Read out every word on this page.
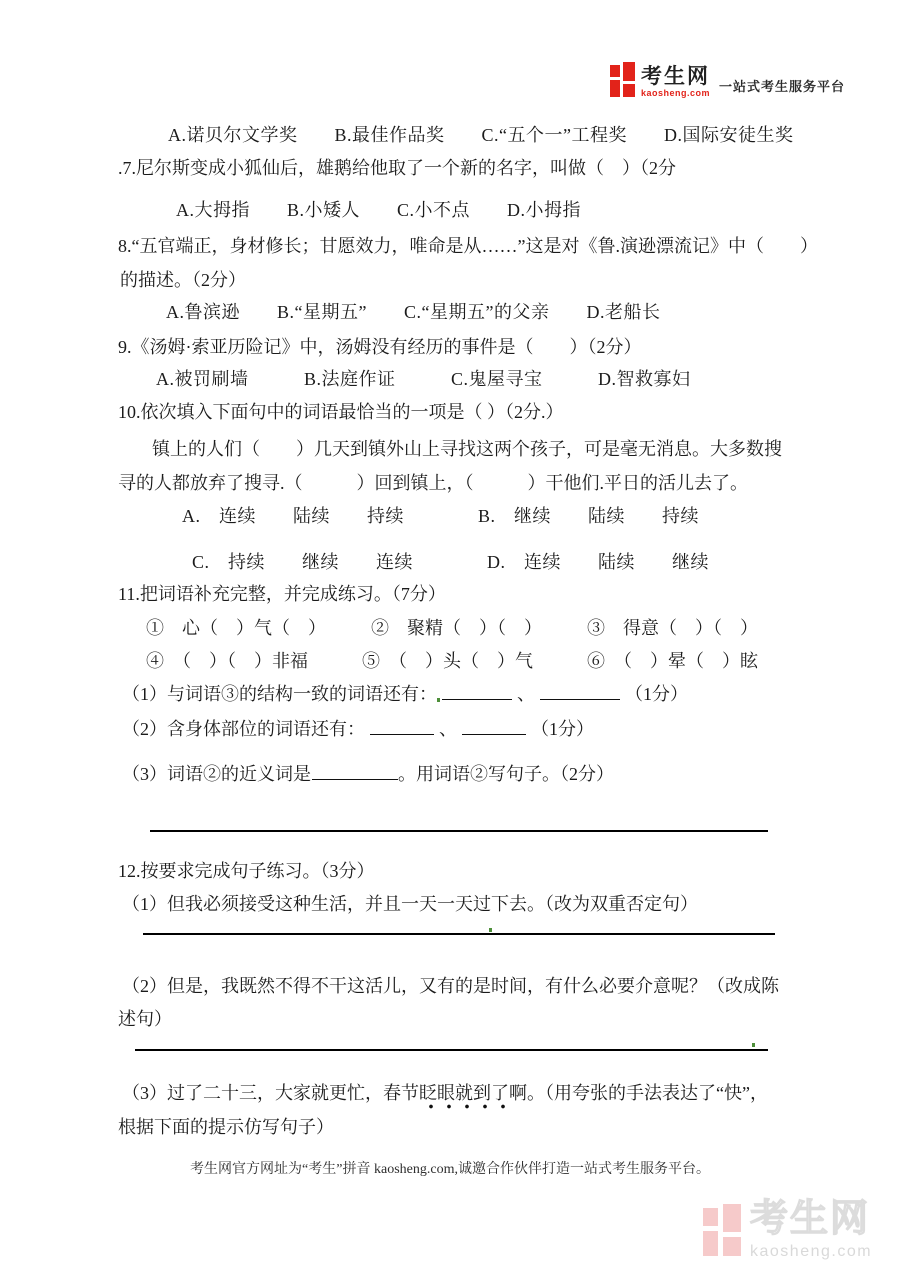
考生网
kaosheng.com 一站式考生服务平台
A.诺贝尔文学奖　　B.最佳作品奖　　C.“五个一”工程奖　　D.国际安徒生奖
.7.尼尔斯变成小狐仙后，雄鹅给他取了一个新的名字，叫做（　）（2分
A.大拇指　　B.小矮人　　C.小不点　　D.小拇指
8.“五官端正，身材修长；甘愿效力，唯命是从……”这是对《鲁.演逊漂流记》中（　　）
的描述。（2分）
A.鲁滨逊　　B.“星期五”　　C.“星期五”的父亲　　D.老船长
9.《汤姆·索亚历险记》中，汤姆没有经历的事件是（　　）（2分）
A.被罚刷墙　　　B.法庭作证　　　C.鬼屋寻宝　　　D.智救寡妇
10.依次填入下面句中的词语最恰当的一项是（ ）（2分.）
镇上的人们（　　）几天到镇外山上寻找这两个孩子，可是毫无消息。大多数搜
寻的人都放弃了搜寻.（　　　）回到镇上，（　　　）干他们.平日的活儿去了。
A.　连续　　陆续　　持续　　　　B.　继续　　陆续　　持续
C.　持续　　继续　　连续　　　　D.　连续　　陆续　　继续
11.把词语补充完整，并完成练习。（7分）
①　心（　）气（　）　　　②　聚精（　）（　）　　　③　得意（　）（　）
④　（　）（　）非福　　　⑤　（　）头（　）气　　　⑥　（　）晕（　）眩
（1）与词语③的结构一致的词语还有：	、	（1分）
（2）含身体部位的词语还有：	、	（1分）
（3）词语②的近义词是	。用词语②写句子。（2分）
12.按要求完成句子练习。（3分）
（1）但我必须接受这种生活，并且一天一天过下去。（改为双重否定句）
（2）但是，我既然不得不干这活儿，又有的是时间，有什么必要介意呢？（改成陈
述句）
（3）过了二十三，大家就更忙，春节眨眼就到了啊。（用夸张的手法表达了“快”，
根据下面的提示仿写句子）
考生网官方网址为“考生”拼音 kaosheng.com,诚邀合作伙伴打造一站式考生服务平台。
考生网
kaosheng.com
